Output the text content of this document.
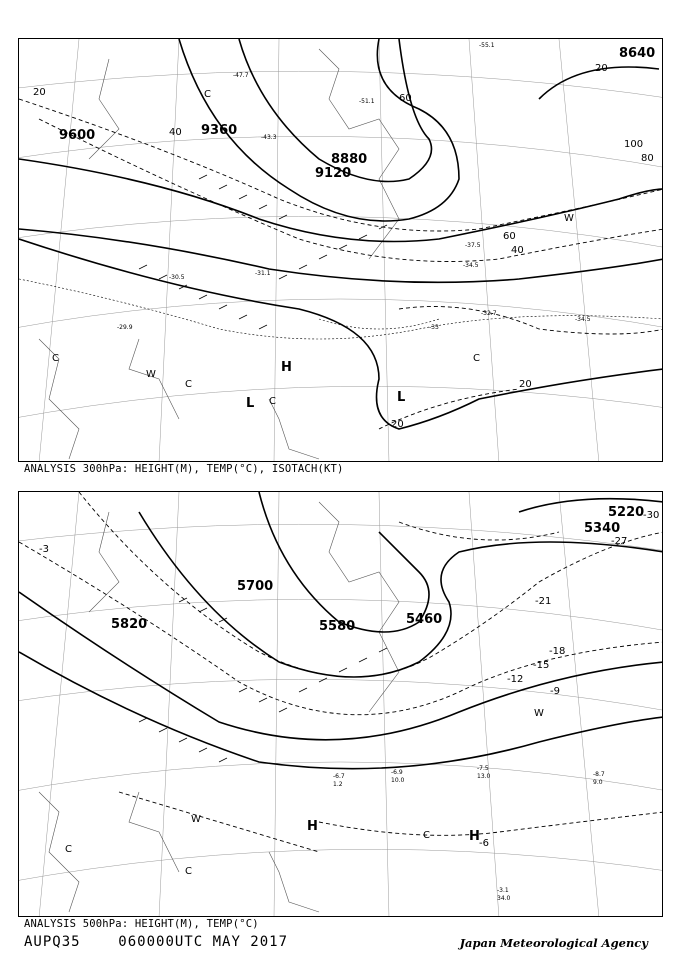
9600	9360
9120
8880
8640
20
40
60
80
100
20
40
60
20
20
-55.1
-51.1
-47.7
-43.3
-37.5
-34.5
-33
-32.7
-31.1
-30.5
-29.9
-34.5
C
C
W
C
H
L C	L
C
W
ANALYSIS 300hPa: HEIGHT(M), TEMP(°C), ISOTACH(KT)
5820
5700
5580	5460
5340
5220
-30
-27
-21
-18
-15
-12
-9
-6
-3
-7.5
13.0	-8.7
9.0
-6.9
10.0
-6.7
1.2
-3.1
34.0
H
H
C
C
W
W
C
ANALYSIS 500hPa: HEIGHT(M), TEMP(°C)
AUPQ35	060000UTC MAY 2017	Japan Meteorological Agency
